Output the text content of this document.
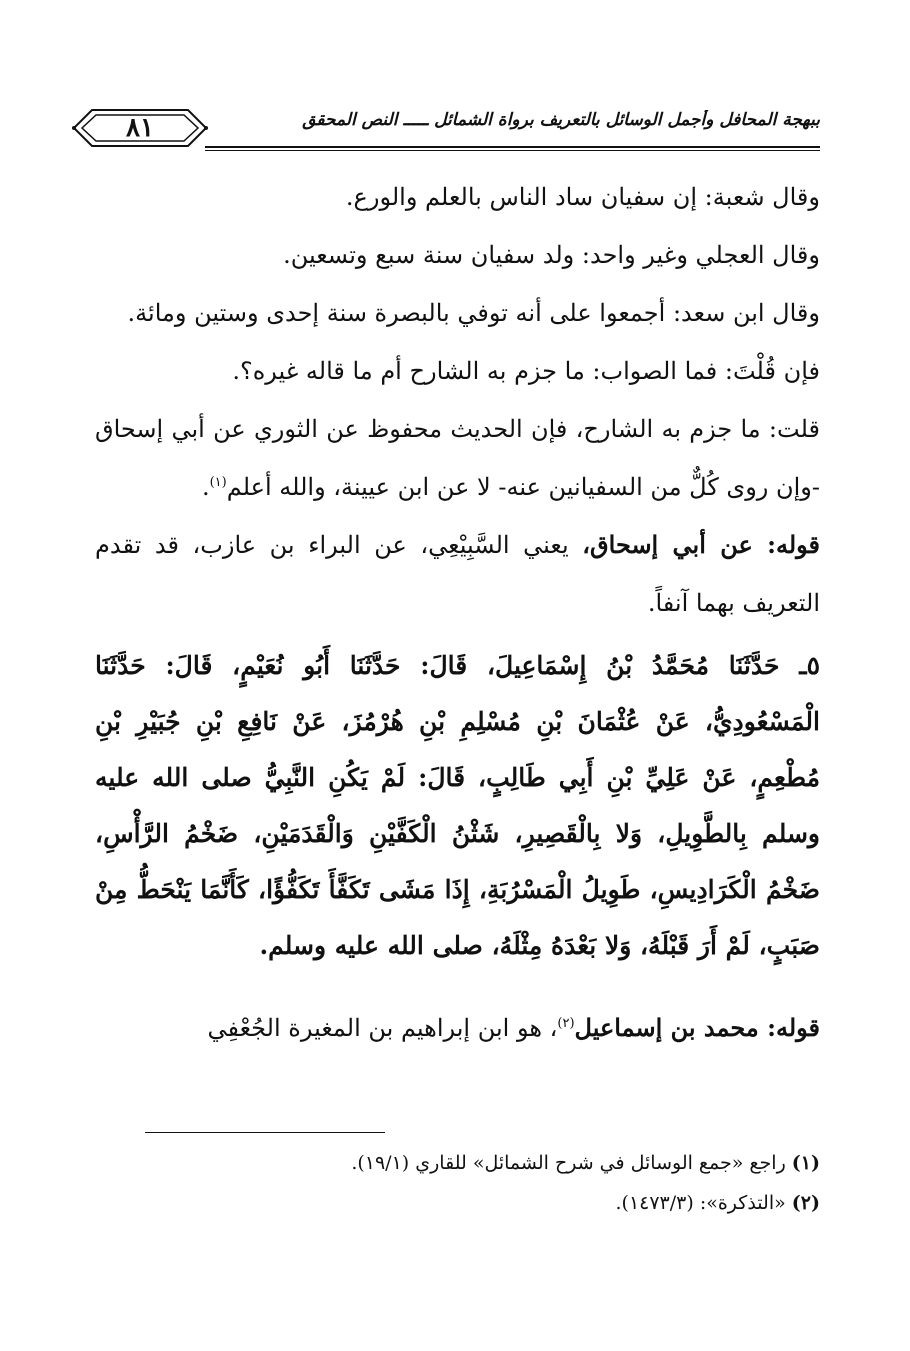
ببهجة المحافل وأجمل الوسائل بالتعريف برواة الشمائل ـــــ النص المحقق
٨١

وقال شعبة: إن سفيان ساد الناس بالعلم والورع.

وقال العجلي وغير واحد: ولد سفيان سنة سبع وتسعين.

وقال ابن سعد: أجمعوا على أنه توفي بالبصرة سنة إحدى وستين ومائة.

فإن قُلْتَ: فما الصواب: ما جزم به الشارح أم ما قاله غيره؟.

قلت: ما جزم به الشارح، فإن الحديث محفوظ عن الثوري عن أبي إسحاق -وإن روى كُلٌّ من السفيانين عنه- لا عن ابن عيينة، والله أعلم$^{(١)}$.

قوله: عن أبي إسحاق، يعني السَّبِيْعِي، عن البراء بن عازب، قد تقدم التعريف بهما آنفاً.

٥ـ حَدَّثَنَا مُحَمَّدُ بْنُ إِسْمَاعِيلَ، قَالَ: حَدَّثَنَا أَبُو نُعَيْمٍ، قَالَ: حَدَّثَنَا الْمَسْعُودِيُّ، عَنْ عُثْمَانَ بْنِ مُسْلِمِ بْنِ هُرْمُزَ، عَنْ نَافِعِ بْنِ جُبَيْرِ بْنِ مُطْعِمٍ، عَنْ عَلِيِّ بْنِ أَبِي طَالِبٍ، قَالَ: لَمْ يَكُنِ النَّبِيُّ صلى الله عليه وسلم بِالطَّوِيلِ، وَلا بِالْقَصِيرِ، شَثْنُ الْكَفَّيْنِ وَالْقَدَمَيْنِ، ضَخْمُ الرَّأْسِ، ضَخْمُ الْكَرَادِيسِ، طَوِيلُ الْمَسْرُبَةِ، إِذَا مَشَى تَكَفَّأَ تَكَفُّؤًا، كَأَنَّمَا يَنْحَطُّ مِنْ صَبَبٍ، لَمْ أَرَ قَبْلَهُ، وَلا بَعْدَهُ مِثْلَهُ، صلى الله عليه وسلم.

قوله: محمد بن إسماعيل$^{(٢)}$، هو ابن إبراهيم بن المغيرة الجُعْفِي

(١) راجع «جمع الوسائل في شرح الشمائل» للقاري (١٩/١).

(٢) «التذكرة»: (١٤٧٣/٣).
